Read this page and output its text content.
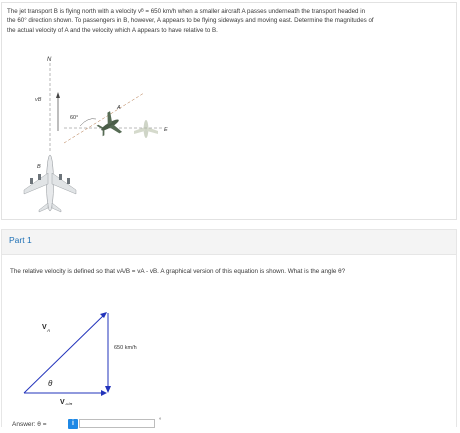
The jet transport B is flying north with a velocity vᴮ = 650 km/h when a smaller aircraft A passes underneath the transport headed in
the 60° direction shown. To passengers in B, however, A appears to be flying sideways and moving east. Determine the magnitudes of
the actual velocity of A and the velocity which A appears to have relative to B.
N
vB
60°
A
E
B
Part 1
The relative velocity is defined so that vA/B = vA - vB. A graphical version of this equation is shown. What is the angle θ?
V A
V A/B
θ
650 km/h
Answer: θ =	i	°
